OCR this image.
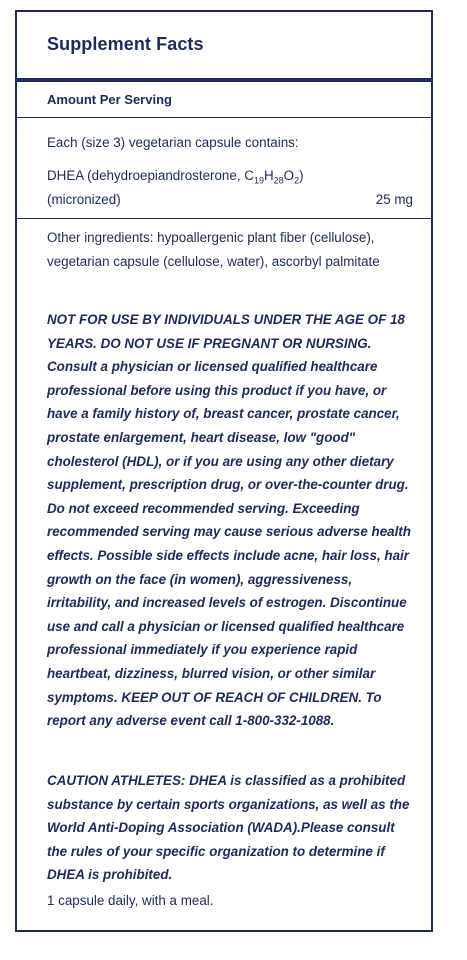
Supplement Facts
Amount Per Serving
Each (size 3) vegetarian capsule contains:
DHEA (dehydroepiandrosterone, $C_{19}H_{28}O_2$)
(micronized)	25 mg
Other ingredients: hypoallergenic plant fiber (cellulose), vegetarian capsule (cellulose, water), ascorbyl palmitate
NOT FOR USE BY INDIVIDUALS UNDER THE AGE OF 18 YEARS. DO NOT USE IF PREGNANT OR NURSING. Consult a physician or licensed qualified healthcare professional before using this product if you have, or have a family history of, breast cancer, prostate cancer, prostate enlargement, heart disease, low "good" cholesterol (HDL), or if you are using any other dietary supplement, prescription drug, or over-the-counter drug. Do not exceed recommended serving. Exceeding recommended serving may cause serious adverse health effects. Possible side effects include acne, hair loss, hair growth on the face (in women), aggressiveness, irritability, and increased levels of estrogen. Discontinue use and call a physician or licensed qualified healthcare professional immediately if you experience rapid heartbeat, dizziness, blurred vision, or other similar symptoms. KEEP OUT OF REACH OF CHILDREN. To report any adverse event call 1-800-332-1088.
CAUTION ATHLETES: DHEA is classified as a prohibited substance by certain sports organizations, as well as the World Anti-Doping Association (WADA).Please consult the rules of your specific organization to determine if DHEA is prohibited.
1 capsule daily, with a meal.
